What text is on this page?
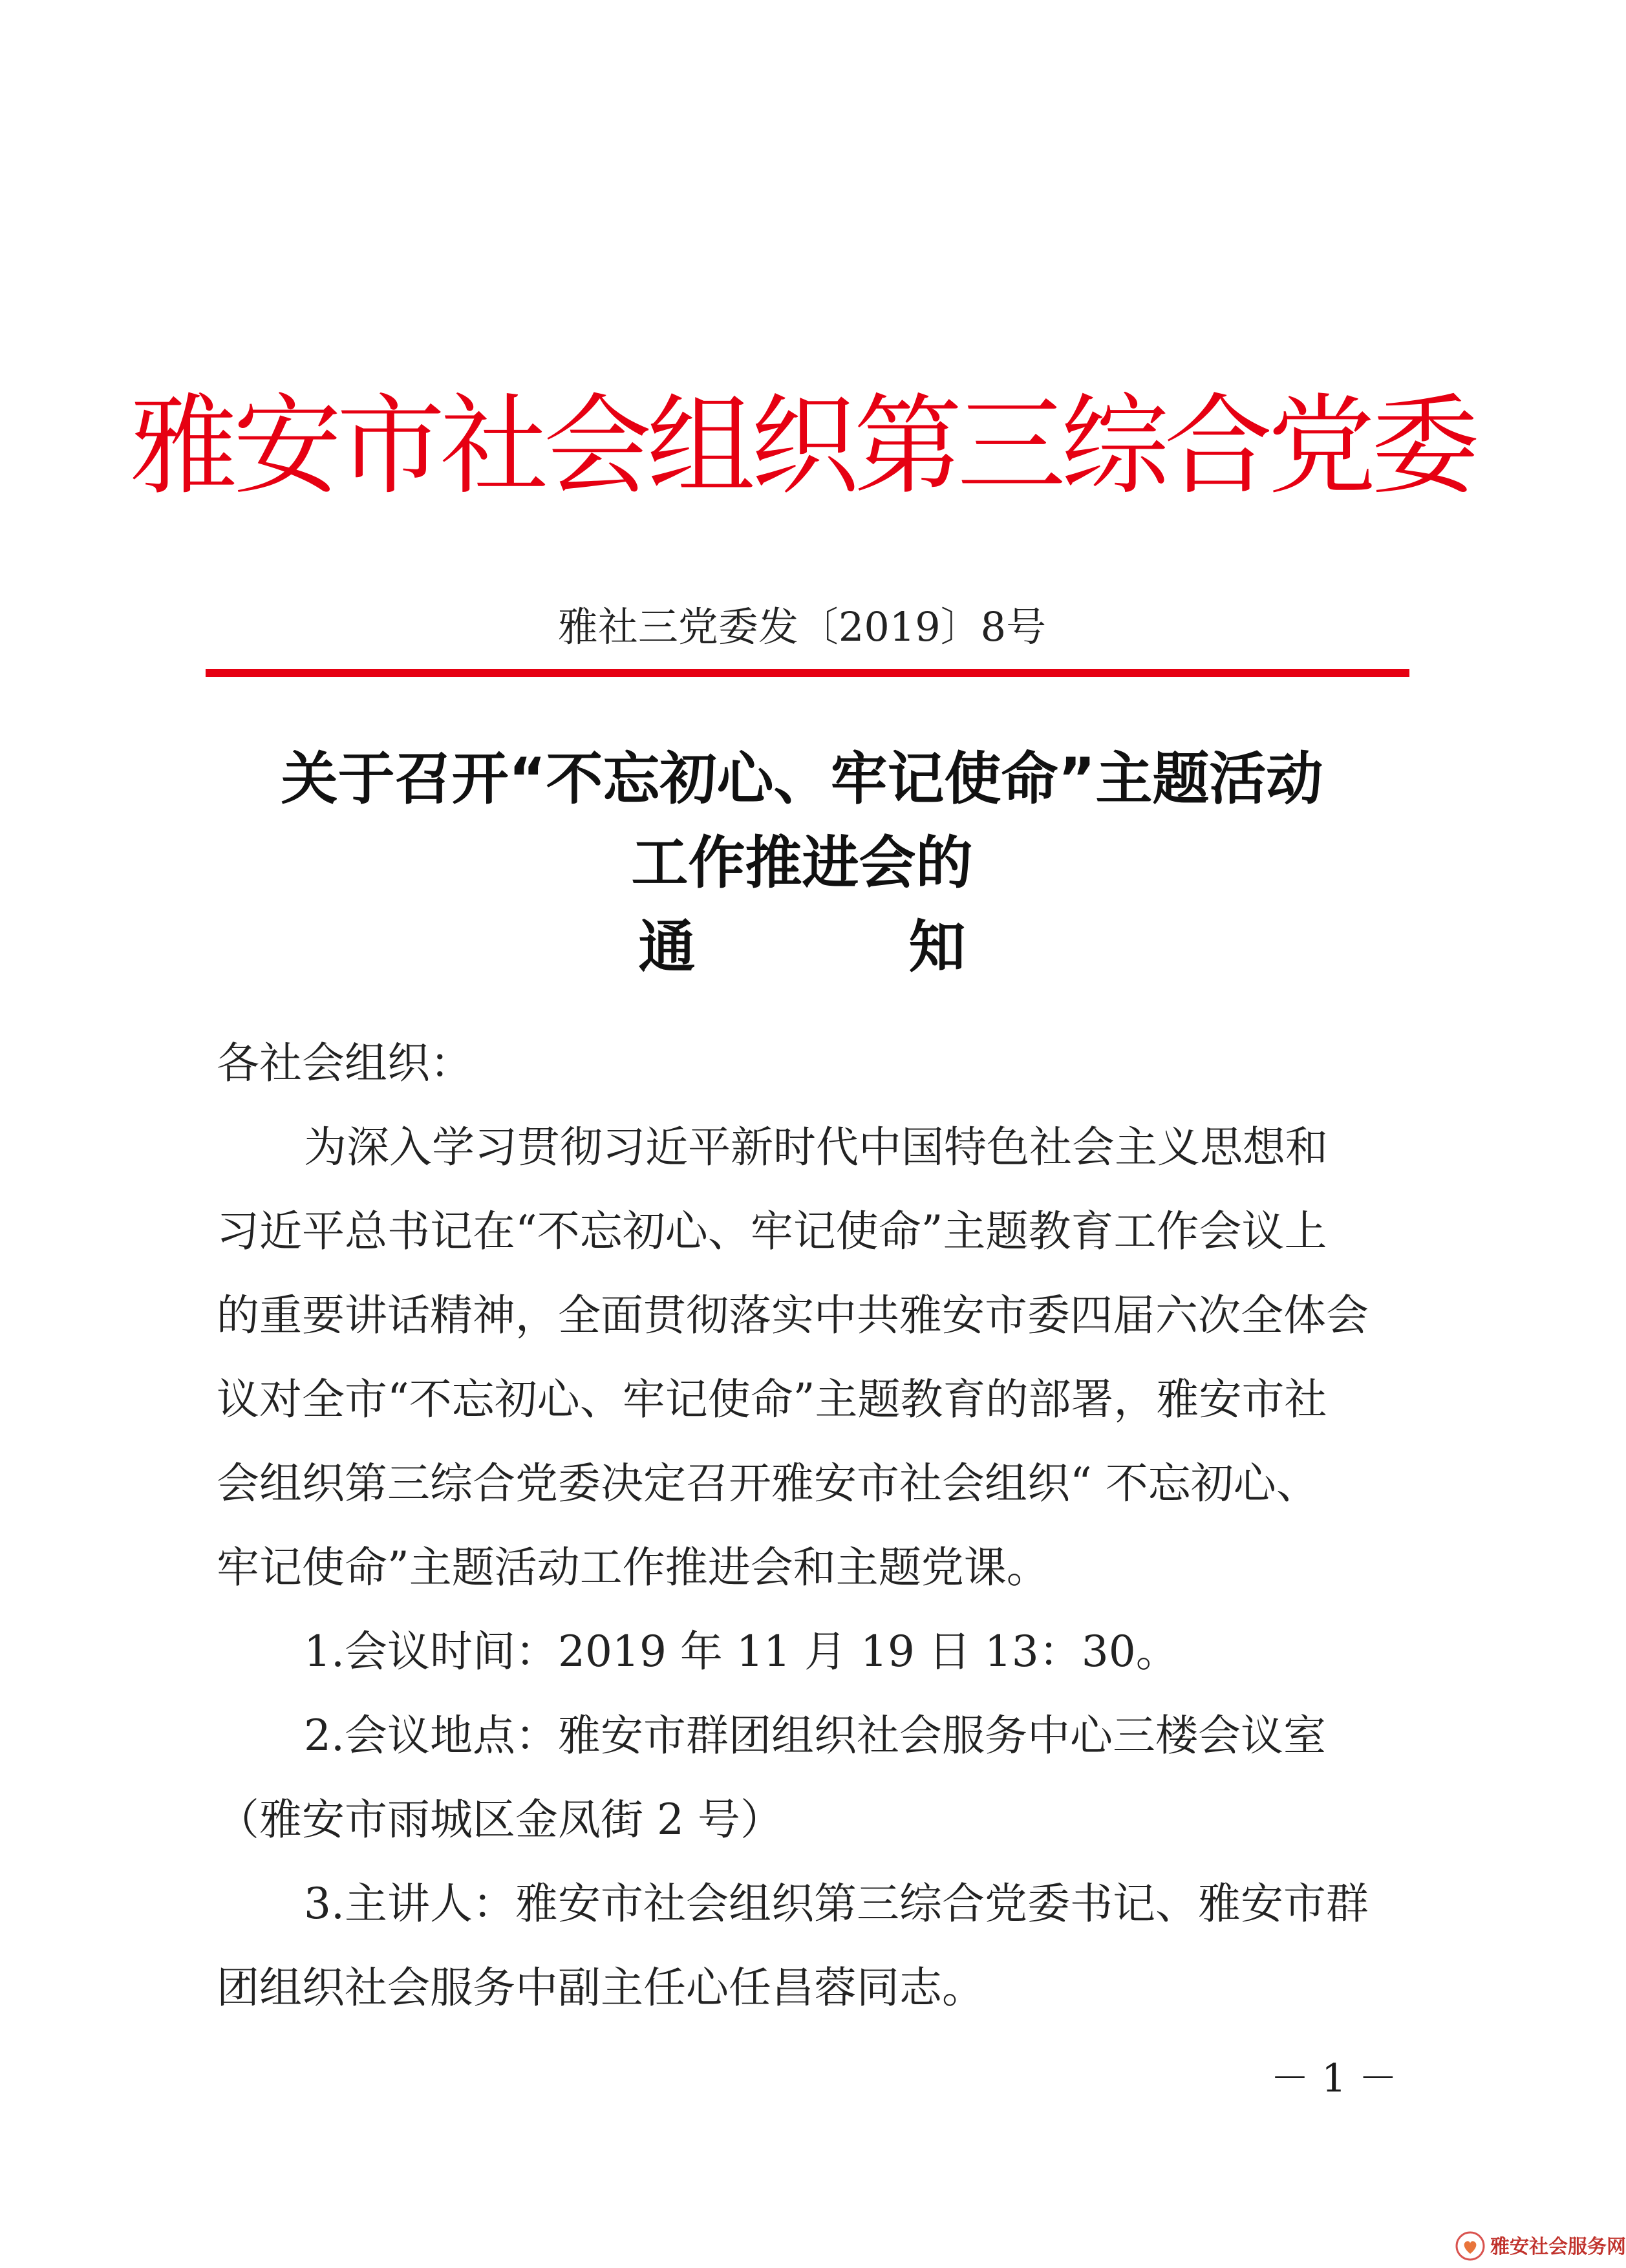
雅安市社会组织第三综合党委
雅社三党委发〔2019〕8号
关于召开“不忘初心、牢记使命”主题活动
工作推进会的
通	知
各社会组织：
为深入学习贯彻习近平新时代中国特色社会主义思想和
习近平总书记在“不忘初心、牢记使命”主题教育工作会议上
的重要讲话精神，全面贯彻落实中共雅安市委四届六次全体会
议对全市“不忘初心、牢记使命”主题教育的部署，雅安市社
会组织第三综合党委决定召开雅安市社会组织“ 不忘初心、
牢记使命”主题活动工作推进会和主题党课。
1.会议时间：2019 年 11 月 19 日 13：30。
2.会议地点：雅安市群团组织社会服务中心三楼会议室
（雅安市雨城区金凤街 2 号）
3.主讲人：雅安市社会组织第三综合党委书记、雅安市群
团组织社会服务中副主任心任昌蓉同志。
－ 1 －
雅安社会服务网
